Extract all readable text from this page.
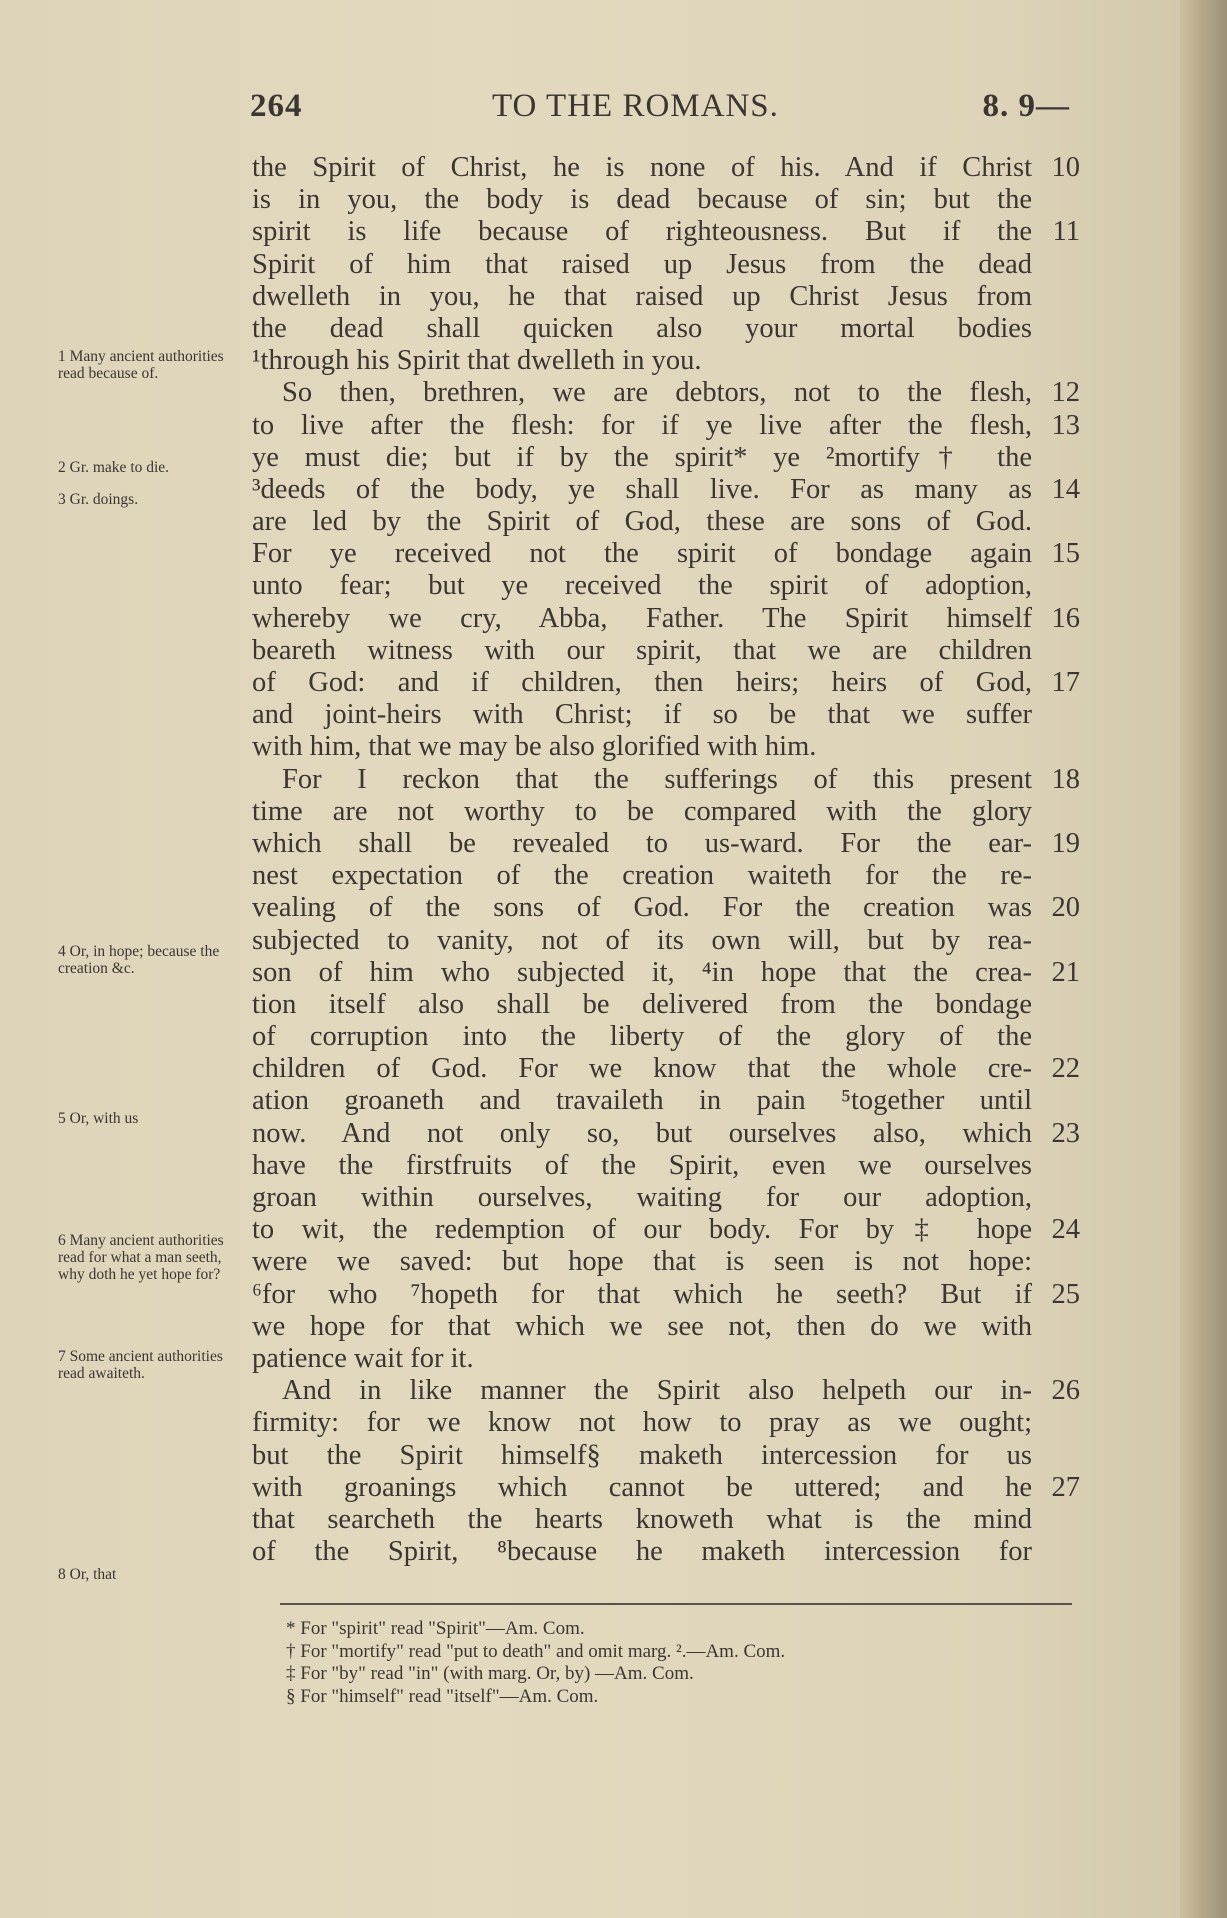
264	TO THE ROMANS.	8. 9—
the Spirit of Christ, he is none of his. And if Christ 10
is in you, the body is dead because of sin; but the
spirit is life because of righteousness. But if the 11
Spirit of him that raised up Jesus from the dead
dwelleth in you, he that raised up Christ Jesus from
the dead shall quicken also your mortal bodies
¹through his Spirit that dwelleth in you.
So then, brethren, we are debtors, not to the flesh, 12
to live after the flesh: for if ye live after the flesh, 13
ye must die; but if by the spirit* ye ²mortify† the
³deeds of the body, ye shall live. For as many as 14
are led by the Spirit of God, these are sons of God.
For ye received not the spirit of bondage again 15
unto fear; but ye received the spirit of adoption,
whereby we cry, Abba, Father. The Spirit himself 16
beareth witness with our spirit, that we are children
of God: and if children, then heirs; heirs of God, 17
and joint-heirs with Christ; if so be that we suffer
with him, that we may be also glorified with him.
For I reckon that the sufferings of this present 18
time are not worthy to be compared with the glory
which shall be revealed to us-ward. For the ear- 19
nest expectation of the creation waiteth for the re-
vealing of the sons of God. For the creation was 20
subjected to vanity, not of its own will, but by rea-
son of him who subjected it, ⁴in hope that the crea- 21
tion itself also shall be delivered from the bondage
of corruption into the liberty of the glory of the
children of God. For we know that the whole cre- 22
ation groaneth and travaileth in pain ⁵together until
now. And not only so, but ourselves also, which 23
have the firstfruits of the Spirit, even we ourselves
groan within ourselves, waiting for our adoption,
to wit, the redemption of our body. For by‡ hope 24
were we saved: but hope that is seen is not hope:
⁶for who ⁷hopeth for that which he seeth? But if 25
we hope for that which we see not, then do we with
patience wait for it.
And in like manner the Spirit also helpeth our in- 26
firmity: for we know not how to pray as we ought;
but the Spirit himself§ maketh intercession for us
with groanings which cannot be uttered; and he 27
that searcheth the hearts knoweth what is the mind
of the Spirit, ⁸because he maketh intercession for
1 Many ancient authorities read because of.
2 Gr. make to die.
3 Gr. doings.
4 Or, in hope; because the creation &c.
5 Or, with us
6 Many ancient authorities read for what a man seeth, why doth he yet hope for?
7 Some ancient authorities read awaiteth.
8 Or, that
* For "spirit" read "Spirit"—Am. Com.
† For "mortify" read "put to death" and omit marg. ².—Am. Com.
‡ For "by" read "in" (with marg. Or, by) —Am. Com.
§ For "himself" read "itself"—Am. Com.
